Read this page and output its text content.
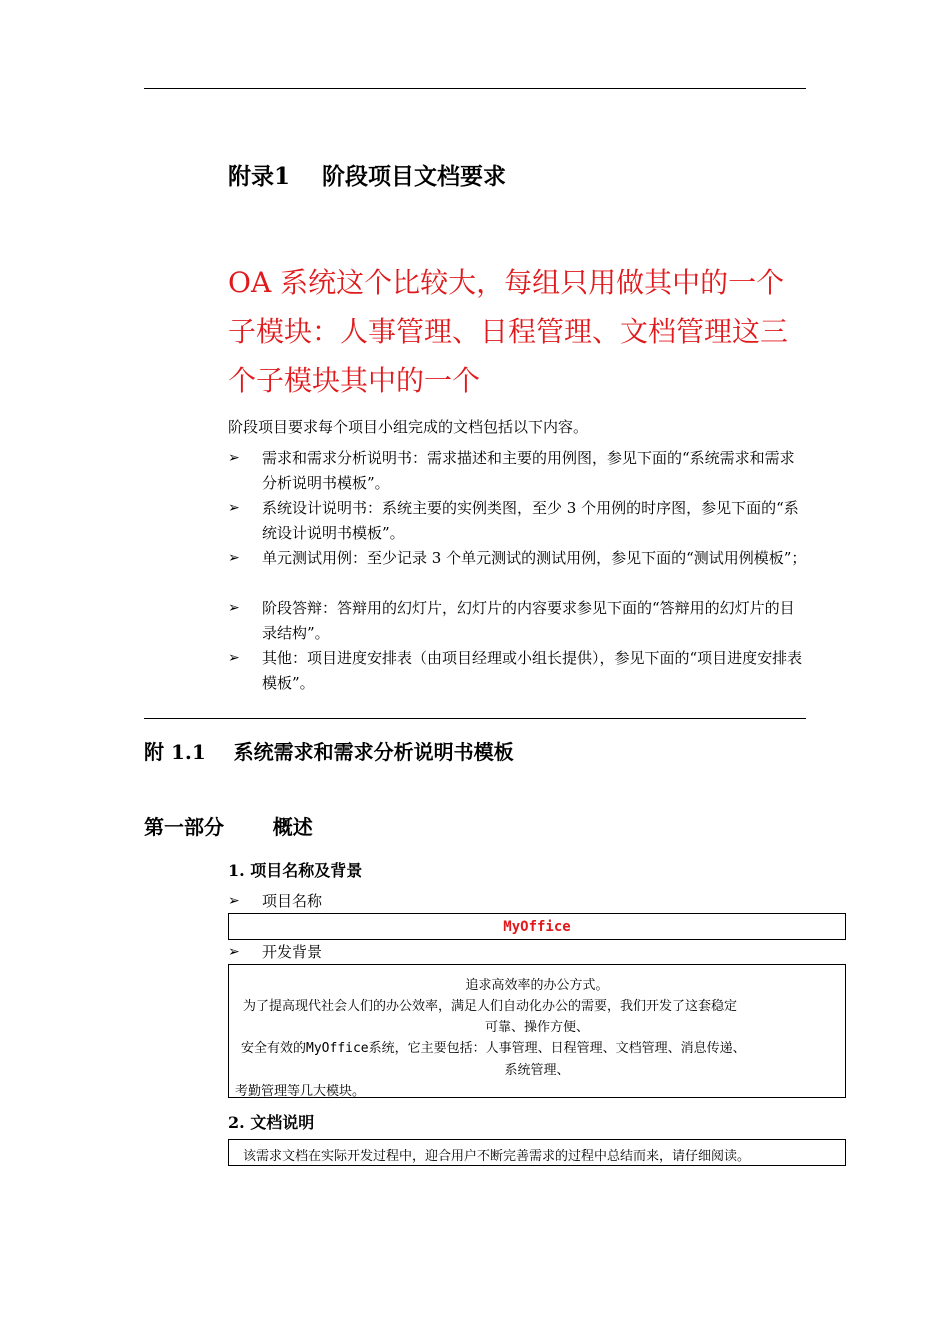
附录1    阶段项目文档要求
OA 系统这个比较大，每组只用做其中的一个子模块：人事管理、日程管理、文档管理这三个子模块其中的一个
阶段项目要求每个项目小组完成的文档包括以下内容。
➢ 需求和需求分析说明书：需求描述和主要的用例图，参见下面的“系统需求和需求分析说明书模板”。
➢ 系统设计说明书：系统主要的实例类图，至少 3 个用例的时序图，参见下面的“系统设计说明书模板”。
➢ 单元测试用例：至少记录 3 个单元测试的测试用例，参见下面的“测试用例模板”；
➢ 阶段答辩：答辩用的幻灯片，幻灯片的内容要求参见下面的“答辩用的幻灯片的目录结构”。
➢ 其他：项目进度安排表（由项目经理或小组长提供），参见下面的“项目进度安排表模板”。
附 1.1    系统需求和需求分析说明书模板
第一部分       概述
1. 项目名称及背景
➢ 项目名称
MyOffice
➢ 开发背景
追求高效率的办公方式。
为了提高现代社会人们的办公效率，满足人们自动化办公的需要，我们开发了这套稳定
可靠、操作方便、
安全有效的MyOffice系统，它主要包括：人事管理、日程管理、文档管理、消息传递、
系统管理、
考勤管理等几大模块。
2. 文档说明
该需求文档在实际开发过程中，迎合用户不断完善需求的过程中总结而来，请仔细阅读。
